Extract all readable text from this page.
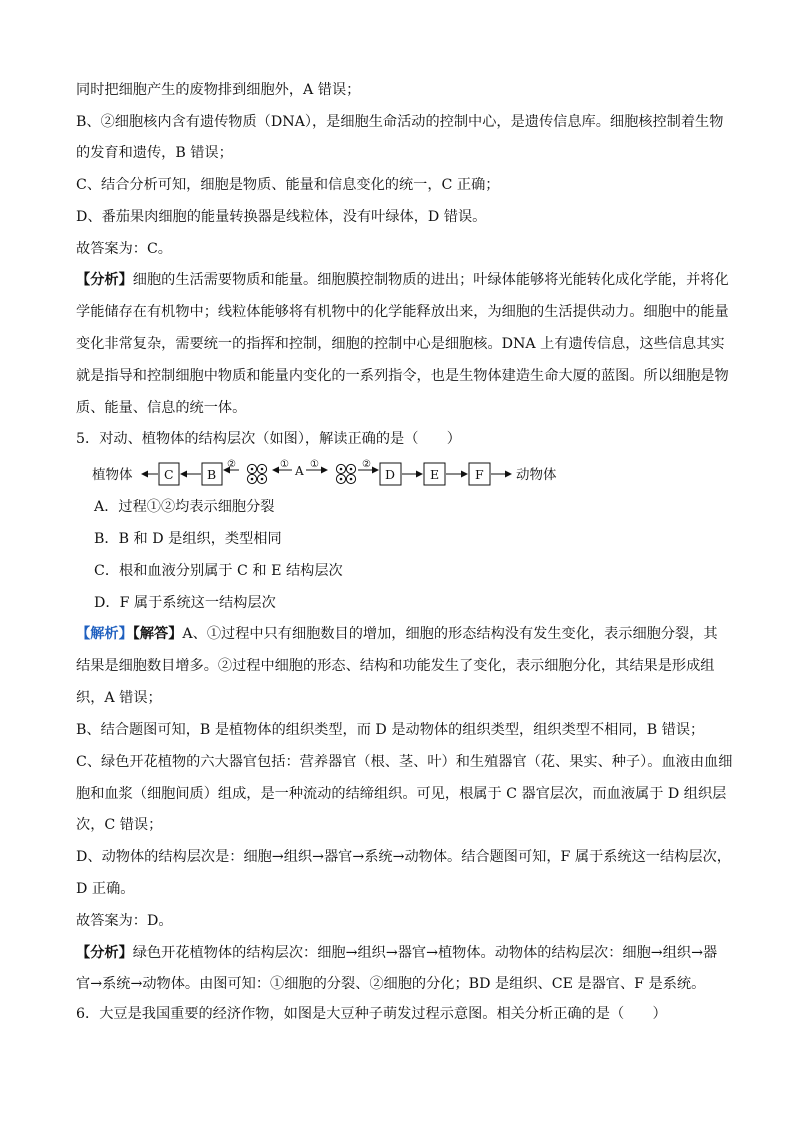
同时把细胞产生的废物排到细胞外，A 错误；
B、②细胞核内含有遗传物质（DNA），是细胞生命活动的控制中心，是遗传信息库。细胞核控制着生物
的发育和遗传，B 错误；
C、结合分析可知，细胞是物质、能量和信息变化的统一，C 正确；
D、番茄果肉细胞的能量转换器是线粒体，没有叶绿体，D 错误。
故答案为：C。
【分析】细胞的生活需要物质和能量。细胞膜控制物质的进出；叶绿体能够将光能转化成化学能，并将化
学能储存在有机物中；线粒体能够将有机物中的化学能释放出来，为细胞的生活提供动力。细胞中的能量
变化非常复杂，需要统一的指挥和控制，细胞的控制中心是细胞核。DNA 上有遗传信息，这些信息其实
就是指导和控制细胞中物质和能量内变化的一系列指令，也是生物体建造生命大厦的蓝图。所以细胞是物
质、能量、信息的统一体。
5．对动、植物体的结构层次（如图），解读正确的是（　　）
植物体	C	B
②	① A ①	②
D	E	F 动物体
A．过程①②均表示细胞分裂
B．B 和 D 是组织，类型相同
C．根和血液分别属于 C 和 E 结构层次
D．F 属于系统这一结构层次
【解析】【解答】A、①过程中只有细胞数目的增加，细胞的形态结构没有发生变化，表示细胞分裂，其
结果是细胞数目增多。②过程中细胞的形态、结构和功能发生了变化，表示细胞分化，其结果是形成组
织，A 错误；
B、结合题图可知，B 是植物体的组织类型，而 D 是动物体的组织类型，组织类型不相同，B 错误；
C、绿色开花植物的六大器官包括：营养器官（根、茎、叶）和生殖器官（花、果实、种子）。血液由血细
胞和血浆（细胞间质）组成，是一种流动的结缔组织。可见，根属于 C 器官层次，而血液属于 D 组织层
次，C 错误；
D、动物体的结构层次是：细胞→组织→器官→系统→动物体。结合题图可知，F 属于系统这一结构层次，
D 正确。
故答案为：D。
【分析】绿色开花植物体的结构层次：细胞→组织→器官→植物体。动物体的结构层次：细胞→组织→器
官→系统→动物体。由图可知：①细胞的分裂、②细胞的分化；BD 是组织、CE 是器官、F 是系统。
6．大豆是我国重要的经济作物，如图是大豆种子萌发过程示意图。相关分析正确的是（　　）
